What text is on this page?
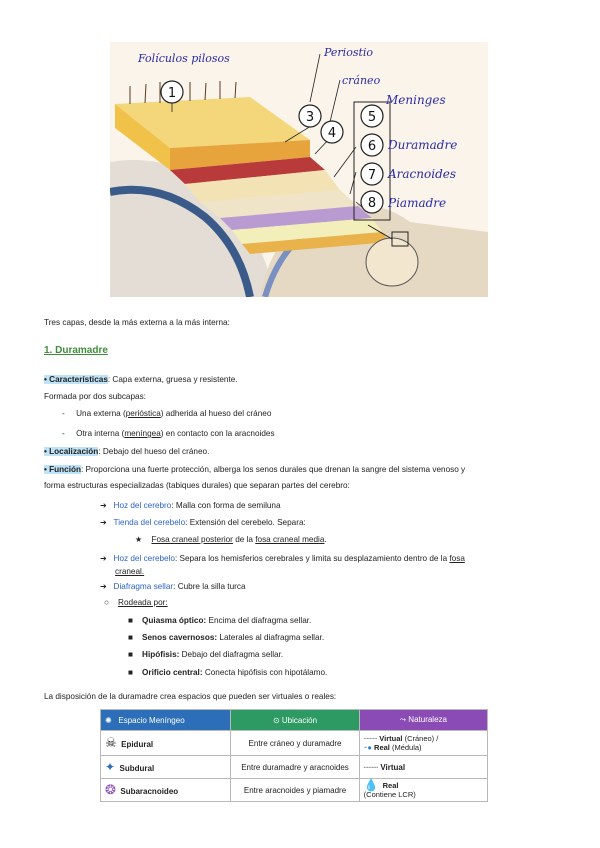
1
3
4
5
6
7
8
Folículos pilosos	Periostio
cráneo
Meninges
Duramadre
Aracnoides
Piamadre
Tres capas, desde la más externa a la más interna:
1. Duramadre
• Características: Capa externa, gruesa y resistente.
Formada por dos subcapas:
-     Una externa (perióstica) adherida al hueso del cráneo
-     Otra interna (meníngea) en contacto con la aracnoides
• Localización: Debajo del hueso del cráneo.
• Función: Proporciona una fuerte protección, alberga los senos durales que drenan la sangre del sistema venoso y
forma estructuras especializadas (tabiques durales) que separan partes del cerebro:
➔ Hoz del cerebro: Malla con forma de semiluna
➔ Tienda del cerebelo: Extensión del cerebelo. Separa:
★    Fosa craneal posterior de la fosa craneal media.
➔ Hoz del cerebelo: Separa los hemisferios cerebrales y limita su desplazamiento dentro de la fosa
craneal.
➔ Diafragma sellar: Cubre la silla turca
○    Rodeada por:
■    Quiasma óptico: Encima del diafragma sellar.
■    Senos cavernosos: Laterales al diafragma sellar.
■    Hipófisis: Debajo del diafragma sellar.
■    Orificio central: Conecta hipófisis con hipotálamo.
La disposición de la duramadre crea espacios que pueden ser virtuales o reales:
✺ Espacio Meníngeo	⊙ Ubicación	⤳ Naturaleza
☠ Epidural	Entre cráneo y duramadre	┄┄┄ Virtual (Cráneo) /
⁃● Real (Médula)
✦ Subdural	Entre duramadre y aracnoides	┄┄┄ Virtual
❂ Subaracnoideo	Entre aracnoides y piamadre	💧 Real
(Contiene LCR)
